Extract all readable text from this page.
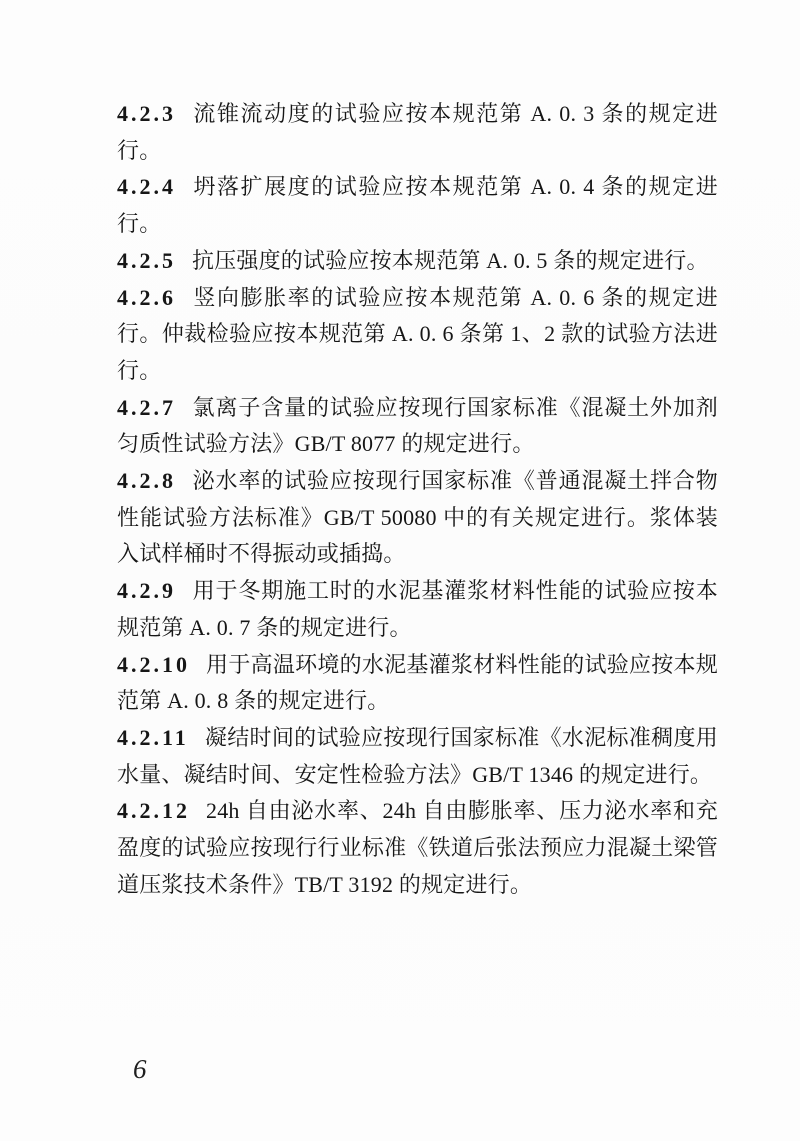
4.2.3 流锥流动度的试验应按本规范第 A. 0. 3 条的规定进行。

4.2.4 坍落扩展度的试验应按本规范第 A. 0. 4 条的规定进行。

4.2.5 抗压强度的试验应按本规范第 A. 0. 5 条的规定进行。

4.2.6 竖向膨胀率的试验应按本规范第 A. 0. 6 条的规定进行。仲裁检验应按本规范第 A. 0. 6 条第 1、2 款的试验方法进行。

4.2.7 氯离子含量的试验应按现行国家标准《混凝土外加剂匀质性试验方法》GB/T 8077 的规定进行。

4.2.8 泌水率的试验应按现行国家标准《普通混凝土拌合物性能试验方法标准》GB/T 50080 中的有关规定进行。浆体装入试样桶时不得振动或插捣。

4.2.9 用于冬期施工时的水泥基灌浆材料性能的试验应按本规范第 A. 0. 7 条的规定进行。

4.2.10 用于高温环境的水泥基灌浆材料性能的试验应按本规范第 A. 0. 8 条的规定进行。

4.2.11 凝结时间的试验应按现行国家标准《水泥标准稠度用水量、凝结时间、安定性检验方法》GB/T 1346 的规定进行。

4.2.12 24h 自由泌水率、24h 自由膨胀率、压力泌水率和充盈度的试验应按现行行业标准《铁道后张法预应力混凝土梁管道压浆技术条件》TB/T 3192 的规定进行。

6
